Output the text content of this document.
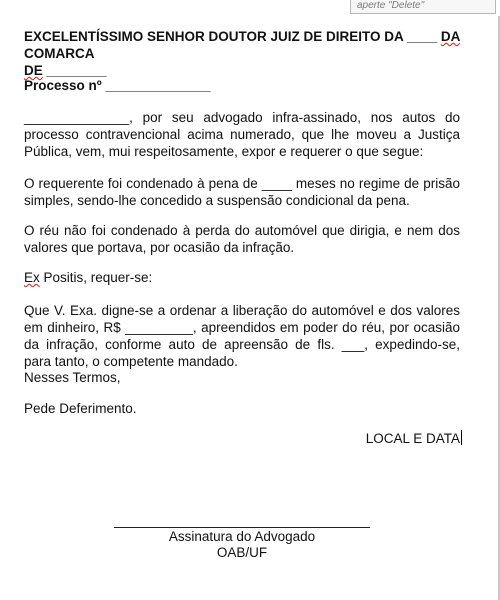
aperte "Delete"
EXCELENTÍSSIMO SENHOR DOUTOR JUIZ DE DIREITO DA ____ DA COMARCA
DE ________

Processo nº ______________

______________, por seu advogado infra-assinado, nos autos do processo contravencional acima numerado, que lhe moveu a Justiça Pública, vem, mui respeitosamente, expor e requerer o que segue:

O requerente foi condenado à pena de ____ meses no regime de prisão simples, sendo-lhe concedido a suspensão condicional da pena.

O réu não foi condenado à perda do automóvel que dirigia, e nem dos valores que portava, por ocasião da infração.

Ex Positis, requer-se:

Que V. Exa. digne-se a ordenar a liberação do automóvel e dos valores em dinheiro, R$ _________, apreendidos em poder do réu, por ocasião da infração, conforme auto de apreensão de fls. ___, expedindo-se, para tanto, o competente mandado.

Nesses Termos,

Pede Deferimento.

LOCAL E DATA
Assinatura do Advogado
OAB/UF
